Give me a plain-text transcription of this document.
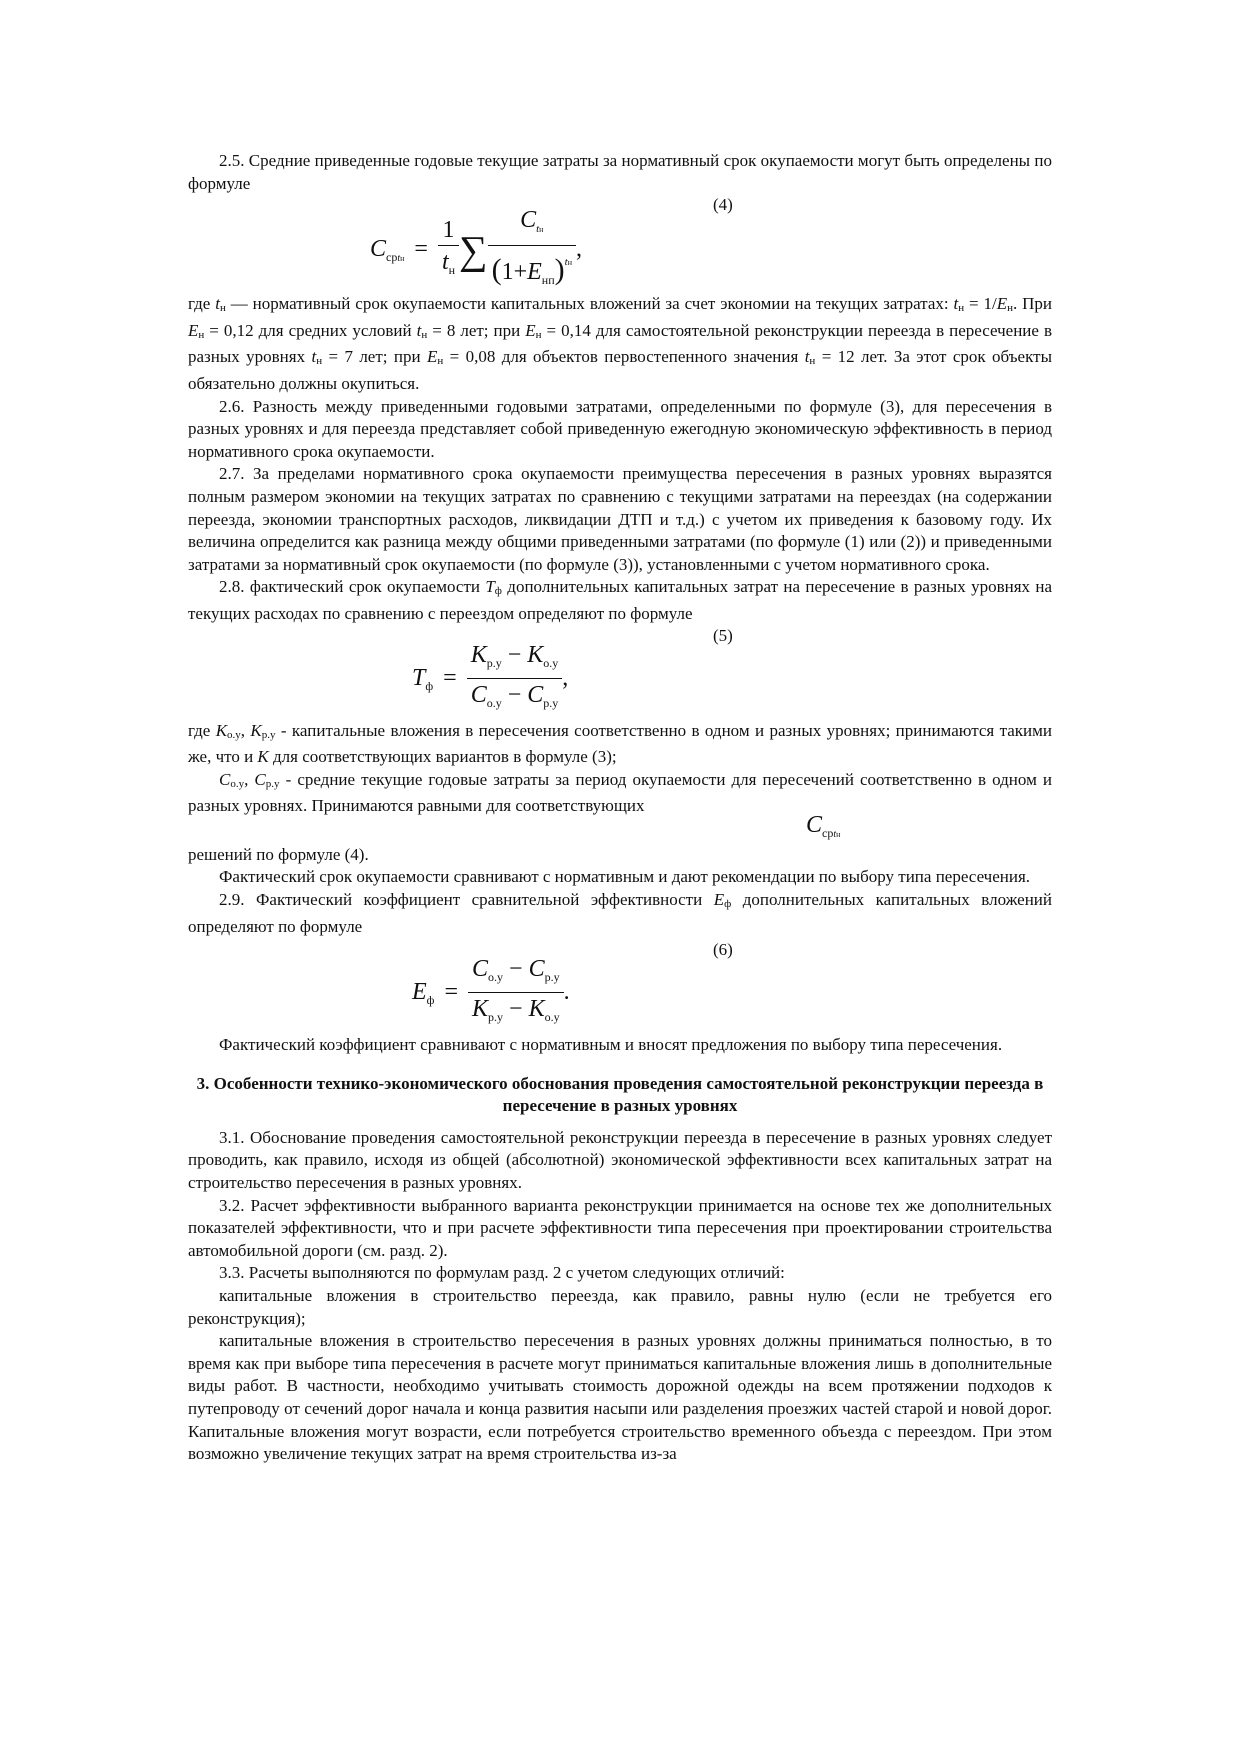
2.5. Средние приведенные годовые текущие затраты за нормативный срок окупаемости могут быть определены по формуле

(4)
$C_{срtн} = \frac{1}{t_н}$ ∑ $\frac{C_{tн}}{(1+E_{нп})^{tн}}$ ,

где tн — нормативный срок окупаемости капитальных вложений за счет экономии на текущих затратах: tн = 1/Eн. При Eн = 0,12 для средних условий tн = 8 лет; при Eн = 0,14 для самостоятельной реконструкции переезда в пересечение в разных уровнях tн = 7 лет; при Eн = 0,08 для объектов первостепенного значения tн = 12 лет. За этот срок объекты обязательно должны окупиться.

2.6. Разность между приведенными годовыми затратами, определенными по формуле (3), для пересечения в разных уровнях и для переезда представляет собой приведенную ежегодную экономическую эффективность в период нормативного срока окупаемости.

2.7. За пределами нормативного срока окупаемости преимущества пересечения в разных уровнях выразятся полным размером экономии на текущих затратах по сравнению с текущими затратами на переездах (на содержании переезда, экономии транспортных расходов, ликвидации ДТП и т.д.) с учетом их приведения к базовому году. Их величина определится как разница между общими приведенными затратами (по формуле (1) или (2)) и приведенными затратами за нормативный срок окупаемости (по формуле (3)), установленными с учетом нормативного срока.

2.8. фактический срок окупаемости Tф дополнительных капитальных затрат на пересечение в разных уровнях на текущих расходах по сравнению с переездом определяют по формуле

(5)
$T_ф = \frac{K_{р.у} - K_{о.у}}{C_{о.у} - C_{р.у}}$ ,

где Kо.у, Kр.у - капитальные вложения в пересечения соответственно в одном и разных уровнях; принимаются такими же, что и K для соответствующих вариантов в формуле (3);

Cо.у, Cр.у - средние текущие годовые затраты за период окупаемости для пересечений соответственно в одном и разных уровнях. Принимаются равными для соответствующих

$C_{срtн}$

решений по формуле (4).

Фактический срок окупаемости сравнивают с нормативным и дают рекомендации по выбору типа пересечения.

2.9. Фактический коэффициент сравнительной эффективности Eф дополнительных капитальных вложений определяют по формуле

(6)
$E_ф = \frac{C_{о.у} - C_{р.у}}{K_{р.у} - K_{о.у}}$ .

Фактический коэффициент сравнивают с нормативным и вносят предложения по выбору типа пересечения.

3. Особенности технико-экономического обоснования проведения самостоятельной реконструкции переезда в пересечение в разных уровнях

3.1. Обоснование проведения самостоятельной реконструкции переезда в пересечение в разных уровнях следует проводить, как правило, исходя из общей (абсолютной) экономической эффективности всех капитальных затрат на строительство пересечения в разных уровнях.

3.2. Расчет эффективности выбранного варианта реконструкции принимается на основе тех же дополнительных показателей эффективности, что и при расчете эффективности типа пересечения при проектировании строительства автомобильной дороги (см. разд. 2).

3.3. Расчеты выполняются по формулам разд. 2 с учетом следующих отличий:

капитальные вложения в строительство переезда, как правило, равны нулю (если не требуется его реконструкция);

капитальные вложения в строительство пересечения в разных уровнях должны приниматься полностью, в то время как при выборе типа пересечения в расчете могут приниматься капитальные вложения лишь в дополнительные виды работ. В частности, необходимо учитывать стоимость дорожной одежды на всем протяжении подходов к путепроводу от сечений дорог начала и конца развития насыпи или разделения проезжих частей старой и новой дорог. Капитальные вложения могут возрасти, если потребуется строительство временного объезда с переездом. При этом возможно увеличение текущих затрат на время строительства из-за
